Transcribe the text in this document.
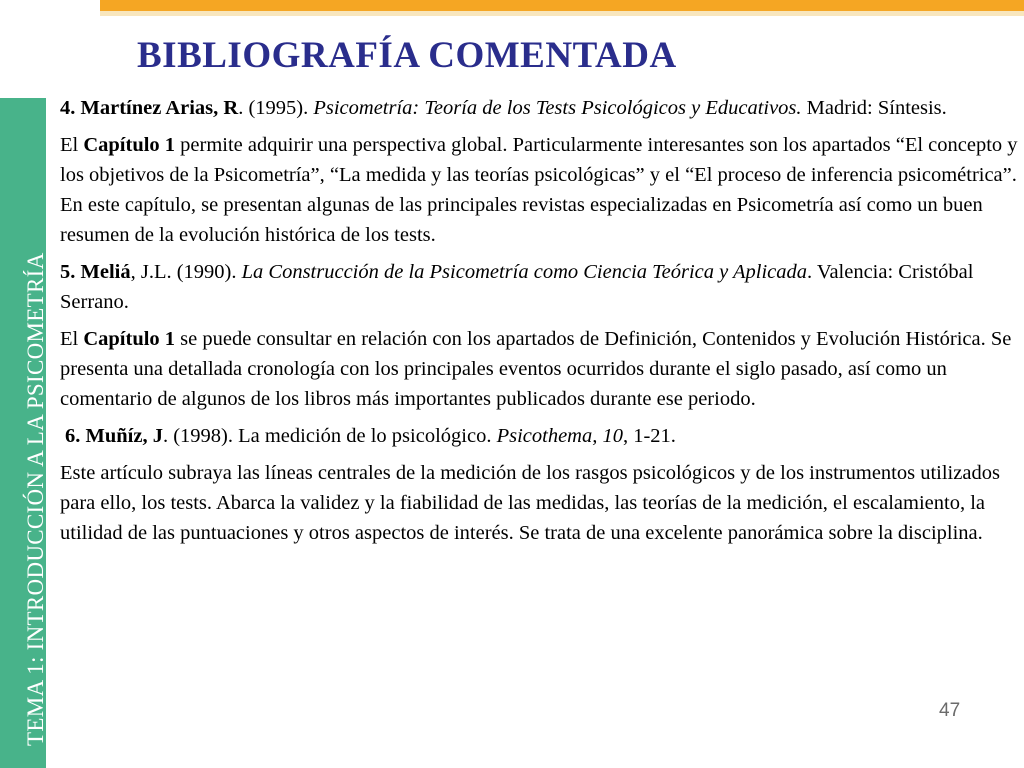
TEMA 1: INTRODUCCIÓN A LA PSICOMETRÍA
BIBLIOGRAFÍA COMENTADA

4. Martínez Arias, R. (1995). Psicometría: Teoría de los Tests Psicológicos y Educativos. Madrid: Síntesis.

El Capítulo 1 permite adquirir una perspectiva global. Particularmente interesantes son los apartados “El concepto y los objetivos de la Psicometría”, “La medida y las teorías psicológicas” y el “El proceso de inferencia psicométrica”. En este capítulo, se presentan algunas de las principales revistas especializadas en Psicometría así como un buen resumen de la evolución histórica de los tests.

5. Meliá, J.L. (1990). La Construcción de la Psicometría como Ciencia Teórica y Aplicada. Valencia: Cristóbal Serrano.

El Capítulo 1 se puede consultar en relación con los apartados de Definición, Contenidos y Evolución Histórica. Se presenta una detallada cronología con los principales eventos ocurridos durante el siglo pasado, así como un comentario de algunos de los libros más importantes publicados durante ese periodo.

6. Muñíz, J. (1998). La medición de lo psicológico. Psicothema, 10, 1-21.

Este artículo subraya las líneas centrales de la medición de los rasgos psicológicos y de los instrumentos utilizados para ello, los tests. Abarca la validez y la fiabilidad de las medidas, las teorías de la medición, el escalamiento, la utilidad de las puntuaciones y otros aspectos de interés. Se trata de una excelente panorámica sobre la disciplina.

47
